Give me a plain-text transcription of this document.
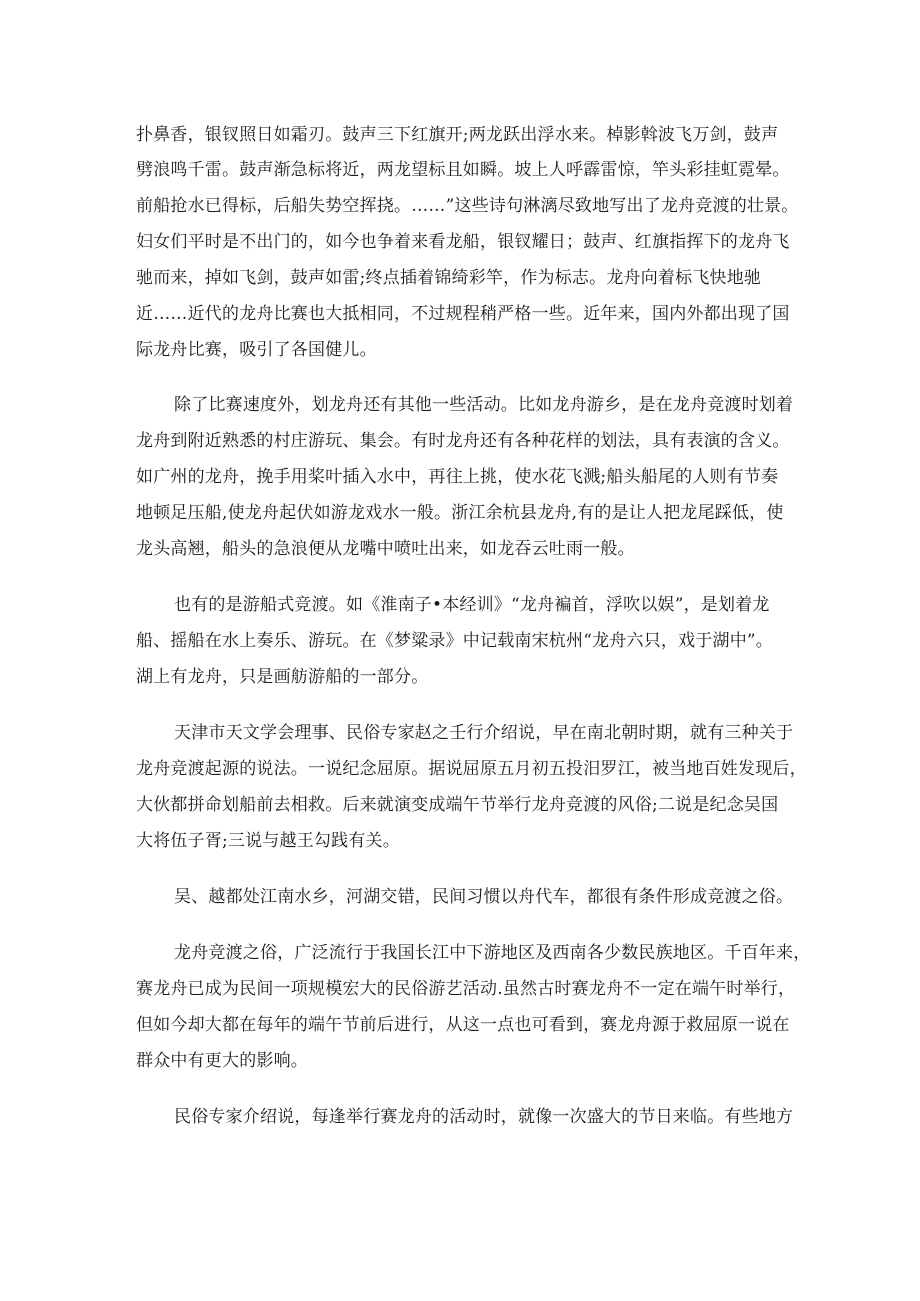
扑鼻香，银钗照日如霜刃。鼓声三下红旗开;两龙跃出浮水来。棹影斡波飞万剑，鼓声
劈浪鸣千雷。鼓声渐急标将近，两龙望标且如瞬。坡上人呼霹雷惊，竿头彩挂虹霓晕。
前船抢水已得标，后船失势空挥挠。……”这些诗句淋漓尽致地写出了龙舟竞渡的壮景。
妇女们平时是不出门的，如今也争着来看龙船，银钗耀日；鼓声、红旗指挥下的龙舟飞
驰而来，掉如飞剑，鼓声如雷;终点插着锦绮彩竿，作为标志。龙舟向着标飞快地驰
近……近代的龙舟比赛也大抵相同，不过规程稍严格一些。近年来，国内外都出现了国
际龙舟比赛，吸引了各国健儿。
除了比赛速度外，划龙舟还有其他一些活动。比如龙舟游乡，是在龙舟竞渡时划着
龙舟到附近熟悉的村庄游玩、集会。有时龙舟还有各种花样的划法，具有表演的含义。
如广州的龙舟，挽手用桨叶插入水中，再往上挑，使水花飞溅;船头船尾的人则有节奏
地顿足压船,使龙舟起伏如游龙戏水一般。浙江余杭县龙舟,有的是让人把龙尾踩低，使
龙头高翘，船头的急浪便从龙嘴中喷吐出来，如龙吞云吐雨一般。
也有的是游船式竞渡。如《淮南子•本经训》“龙舟褊首，浮吹以娱”，是划着龙
船、摇船在水上奏乐、游玩。在《梦粱录》中记载南宋杭州“龙舟六只，戏于湖中”。
湖上有龙舟，只是画舫游船的一部分。
天津市天文学会理事、民俗专家赵之壬行介绍说，早在南北朝时期，就有三种关于
龙舟竞渡起源的说法。一说纪念屈原。据说屈原五月初五投汨罗江，被当地百姓发现后，
大伙都拼命划船前去相救。后来就演变成端午节举行龙舟竞渡的风俗;二说是纪念吴国
大将伍子胥;三说与越王勾践有关。
吴、越都处江南水乡，河湖交错，民间习惯以舟代车，都很有条件形成竞渡之俗。
龙舟竞渡之俗，广泛流行于我国长江中下游地区及西南各少数民族地区。千百年来，
赛龙舟已成为民间一项规模宏大的民俗游艺活动.虽然古时赛龙舟不一定在端午时举行，
但如今却大都在每年的端午节前后进行，从这一点也可看到，赛龙舟源于救屈原一说在
群众中有更大的影响。
民俗专家介绍说，每逢举行赛龙舟的活动时，就像一次盛大的节日来临。有些地方
